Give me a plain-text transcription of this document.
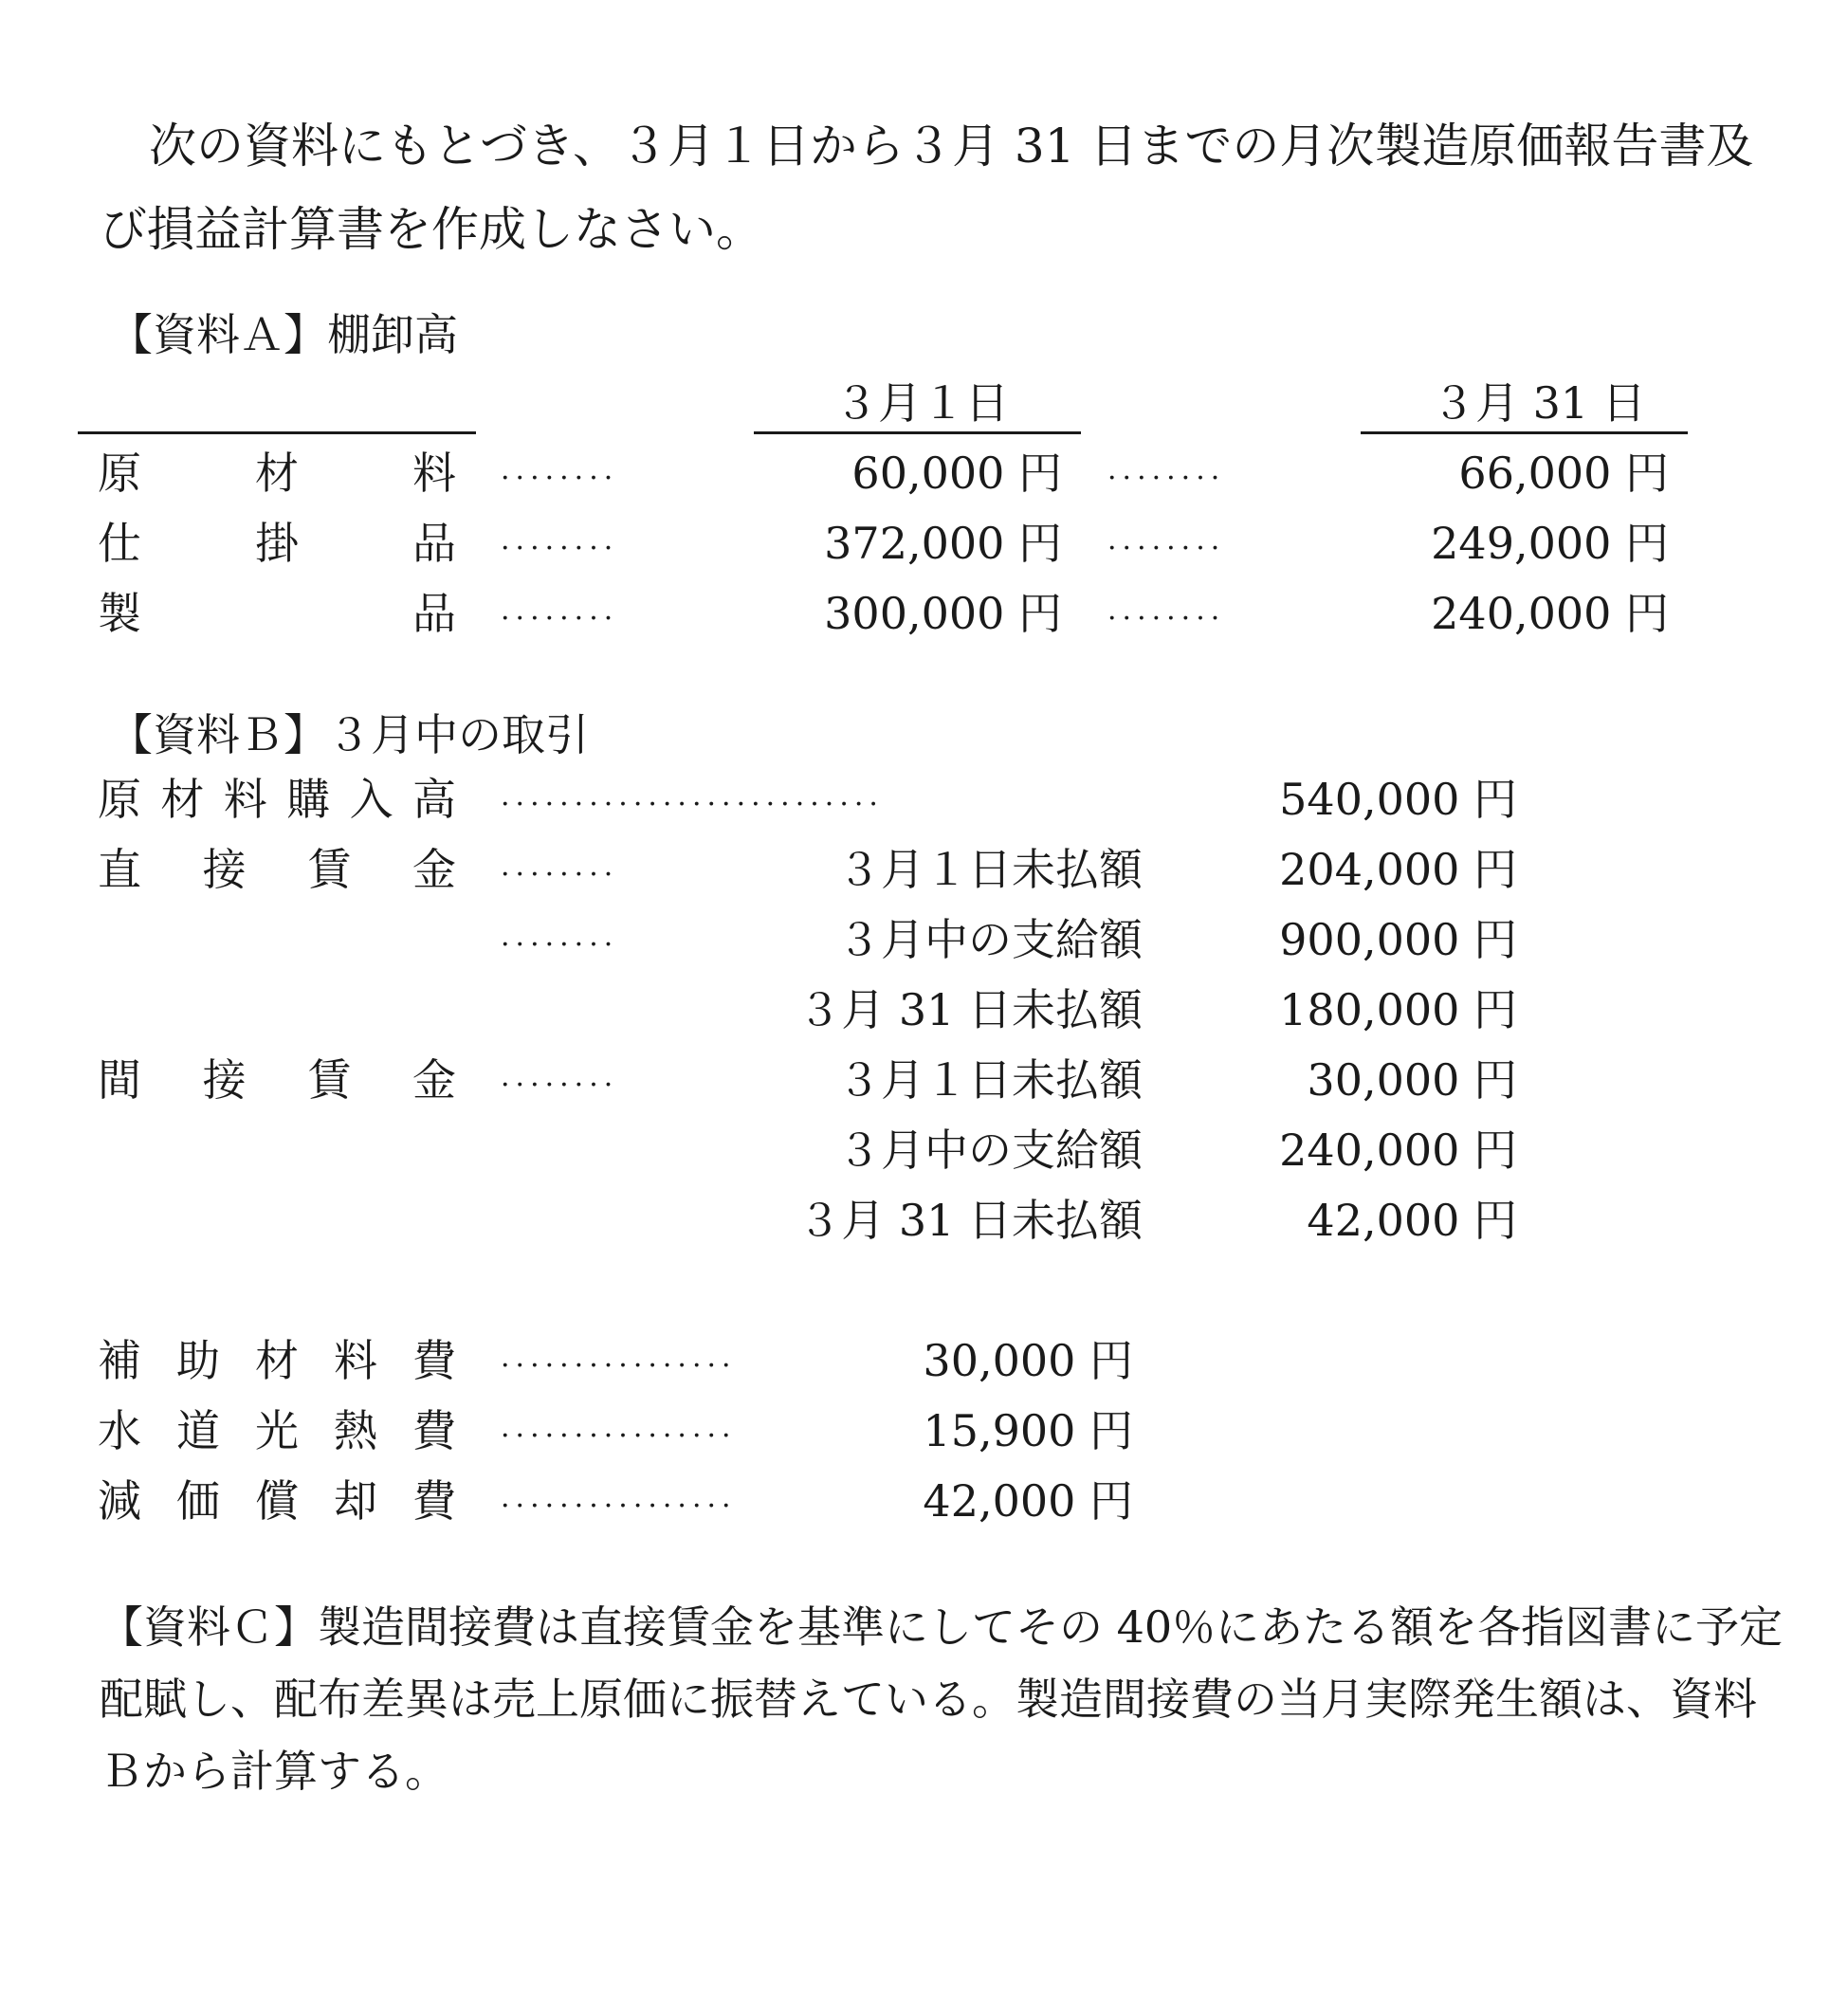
次の資料にもとづき、３月１日から３月 31 日までの月次製造原価報告書及び損益計算書を作成しなさい。
【資料Ａ】棚卸高
３月１日	３月 31 日
原	材	料 ········	60,000 円 ········	66,000 円
仕	掛	品 ········	372,000 円 ········	249,000 円
製	品 ········	300,000 円 ········	240,000 円
【資料Ｂ】３月中の取引
原 材 料 購 入 高 ··························	540,000 円
直 接 賃 金 ········	３月１日未払額	204,000 円
········	３月中の支給額	900,000 円
３月 31 日未払額	180,000 円
間 接 賃 金 ········	３月１日未払額	30,000 円
３月中の支給額	240,000 円
３月 31 日未払額	42,000 円
補 助 材 料 費 ················	30,000 円
水 道 光 熱 費 ················	15,900 円
減 価 償 却 費 ················	42,000 円
【資料Ｃ】製造間接費は直接賃金を基準にしてその 40％にあたる額を各指図書に予定配賦し、配布差異は売上原価に振替えている。製造間接費の当月実際発生額は、資料Ｂから計算する。
